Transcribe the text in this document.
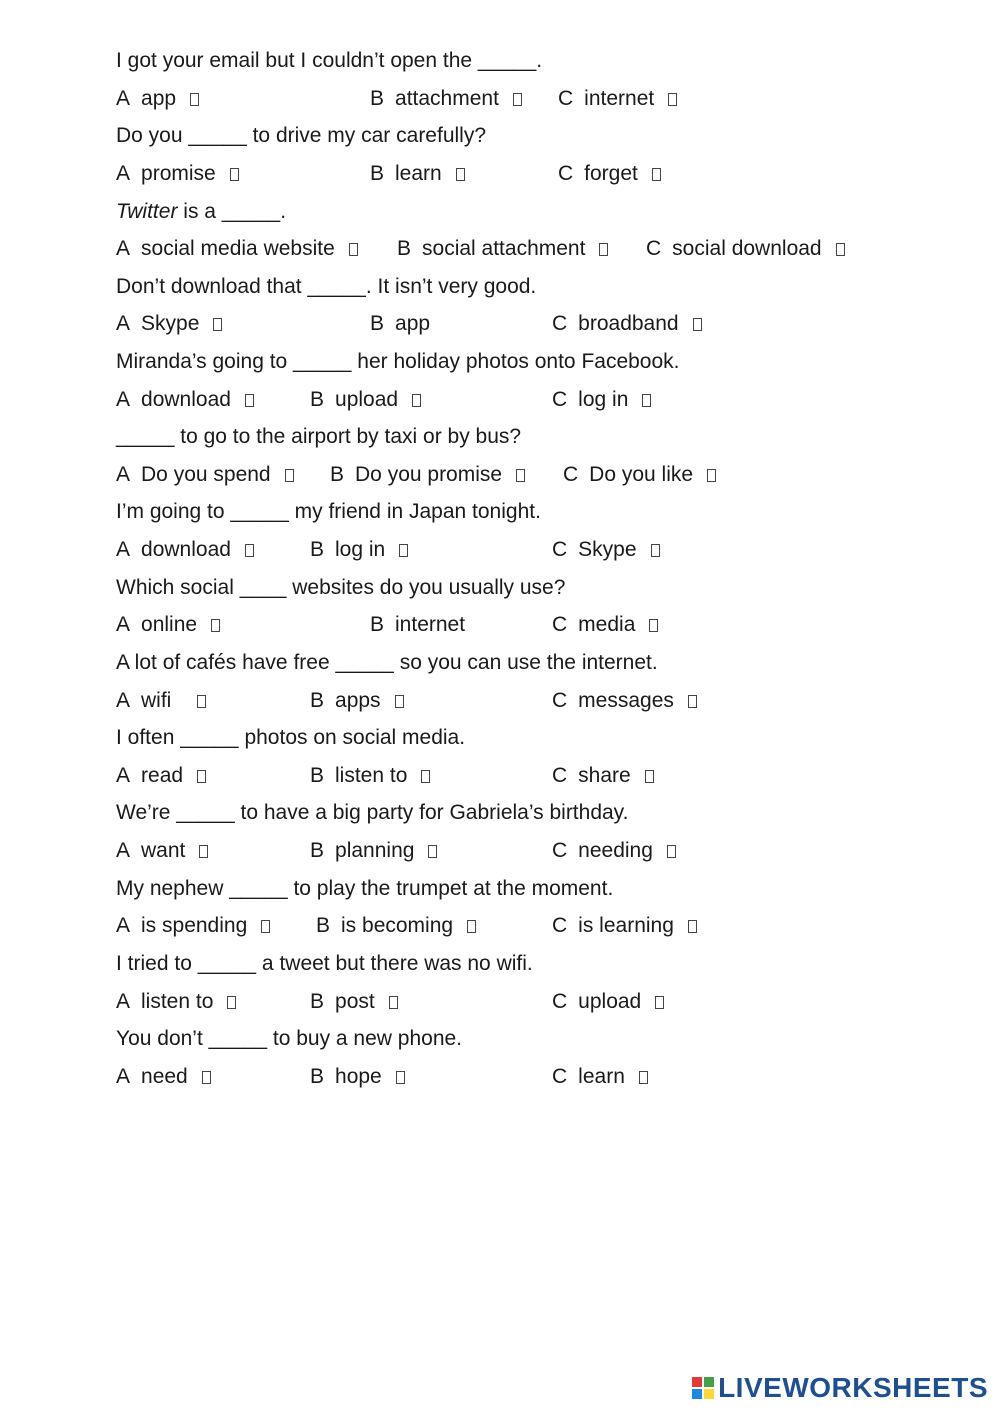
I got your email but I couldn’t open the _____.
A app	B attachment	C internet
Do you _____ to drive my car carefully?
A promise	B learn	C forget
Twitter is a _____.
A social media website	B social attachment	C social download
Don’t download that _____. It isn’t very good.
A Skype	B app	C broadband
Miranda’s going to _____ her holiday photos onto Facebook.
A download	B upload	C log in
_____ to go to the airport by taxi or by bus?
A Do you spend	B Do you promise	C Do you like
I’m going to _____ my friend in Japan tonight.
A download	B log in	C Skype
Which social ____ websites do you usually use?
A online	B internet	C media
A lot of cafés have free _____ so you can use the internet.
A wifi	B apps	C messages
I often _____ photos on social media.
A read	B listen to	C share
We’re _____ to have a big party for Gabriela’s birthday.
A want	B planning	C needing
My nephew _____ to play the trumpet at the moment.
A is spending	B is becoming	C is learning
I tried to _____ a tweet but there was no wifi.
A listen to	B post	C upload
You don’t _____ to buy a new phone.
A need	B hope	C learn
LIVEWORKSHEETS
